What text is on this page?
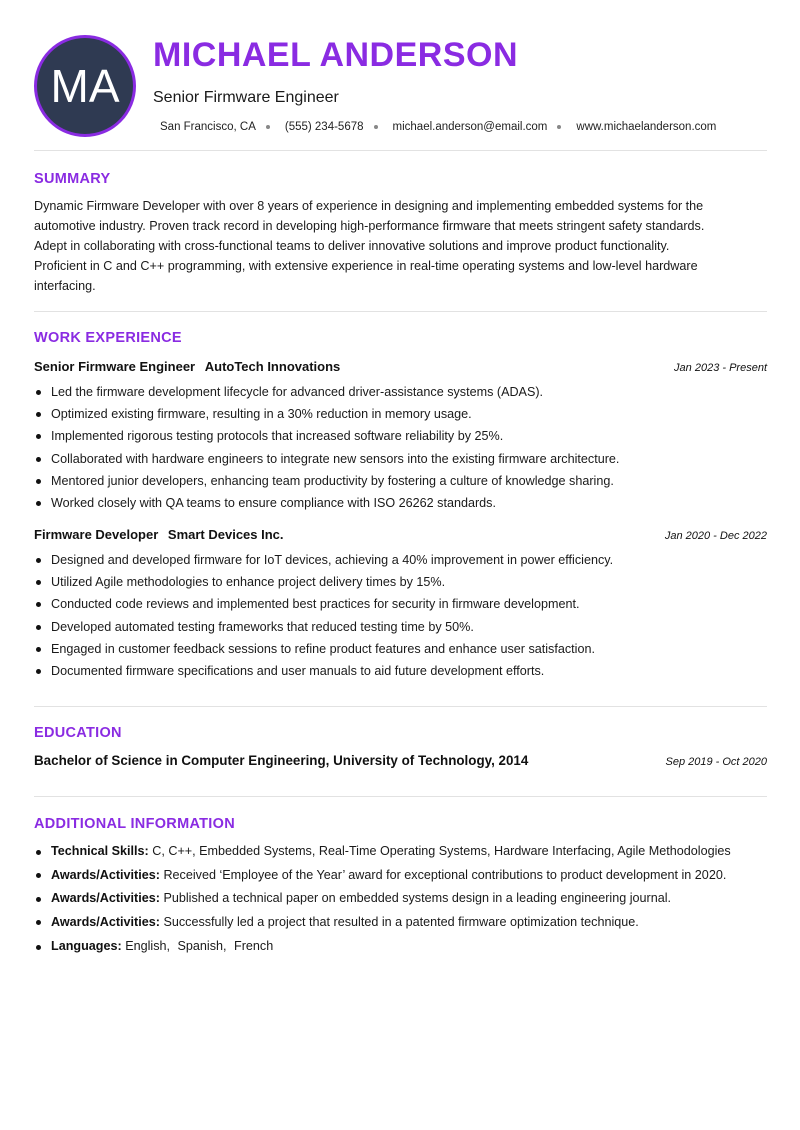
MA
MICHAEL ANDERSON
Senior Firmware Engineer
San Francisco, CA	(555) 234-5678	michael.anderson@email.com	www.michaelanderson.com
SUMMARY
Dynamic Firmware Developer with over 8 years of experience in designing and implementing embedded systems for the
automotive industry. Proven track record in developing high-performance firmware that meets stringent safety standards.
Adept in collaborating with cross-functional teams to deliver innovative solutions and improve product functionality.
Proficient in C and C++ programming, with extensive experience in real-time operating systems and low-level hardware
interfacing.
WORK EXPERIENCE
Senior Firmware Engineer AutoTech Innovations	Jan 2023 - Present
Led the firmware development lifecycle for advanced driver-assistance systems (ADAS).
Optimized existing firmware, resulting in a 30% reduction in memory usage.
Implemented rigorous testing protocols that increased software reliability by 25%.
Collaborated with hardware engineers to integrate new sensors into the existing firmware architecture.
Mentored junior developers, enhancing team productivity by fostering a culture of knowledge sharing.
Worked closely with QA teams to ensure compliance with ISO 26262 standards.
Firmware Developer Smart Devices Inc.	Jan 2020 - Dec 2022
Designed and developed firmware for IoT devices, achieving a 40% improvement in power efficiency.
Utilized Agile methodologies to enhance project delivery times by 15%.
Conducted code reviews and implemented best practices for security in firmware development.
Developed automated testing frameworks that reduced testing time by 50%.
Engaged in customer feedback sessions to refine product features and enhance user satisfaction.
Documented firmware specifications and user manuals to aid future development efforts.
EDUCATION
Bachelor of Science in Computer Engineering, University of Technology, 2014	Sep 2019 - Oct 2020
ADDITIONAL INFORMATION
Technical Skills: C, C++, Embedded Systems, Real-Time Operating Systems, Hardware Interfacing, Agile Methodologies
Awards/Activities: Received ‘Employee of the Year’ award for exceptional contributions to product development in 2020.
Awards/Activities: Published a technical paper on embedded systems design in a leading engineering journal.
Awards/Activities: Successfully led a project that resulted in a patented firmware optimization technique.
Languages: English, Spanish, French
